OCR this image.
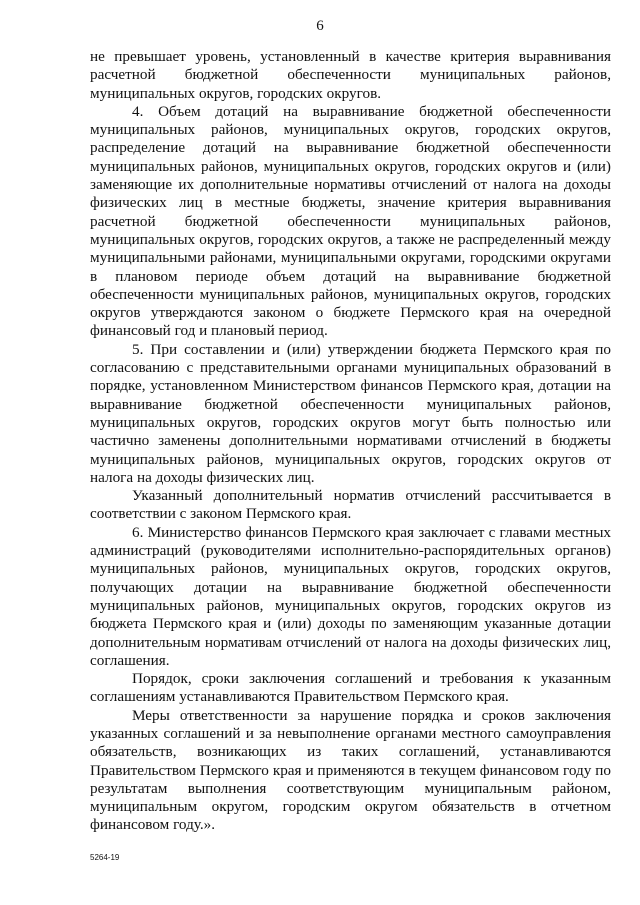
6

не превышает уровень, установленный в качестве критерия выравнивания расчетной бюджетной обеспеченности муниципальных районов, муниципальных округов, городских округов.

4. Объем дотаций на выравнивание бюджетной обеспеченности муниципальных районов, муниципальных округов, городских округов, распределение дотаций на выравнивание бюджетной обеспеченности муниципальных районов, муниципальных округов, городских округов и (или) заменяющие их дополнительные нормативы отчислений от налога на доходы физических лиц в местные бюджеты, значение критерия выравнивания расчетной бюджетной обеспеченности муниципальных районов, муниципальных округов, городских округов, а также не распределенный между муниципальными районами, муниципальными округами, городскими округами в плановом периоде объем дотаций на выравнивание бюджетной обеспеченности муниципальных районов, муниципальных округов, городских округов утверждаются законом о бюджете Пермского края на очередной финансовый год и плановый период.

5. При составлении и (или) утверждении бюджета Пермского края по согласованию с представительными органами муниципальных образований в порядке, установленном Министерством финансов Пермского края, дотации на выравнивание бюджетной обеспеченности муниципальных районов, муниципальных округов, городских округов могут быть полностью или частично заменены дополнительными нормативами отчислений в бюджеты муниципальных районов, муниципальных округов, городских округов от налога на доходы физических лиц.

Указанный дополнительный норматив отчислений рассчитывается в соответствии с законом Пермского края.

6. Министерство финансов Пермского края заключает с главами местных администраций (руководителями исполнительно-распорядительных органов) муниципальных районов, муниципальных округов, городских округов, получающих дотации на выравнивание бюджетной обеспеченности муниципальных районов, муниципальных округов, городских округов из бюджета Пермского края и (или) доходы по заменяющим указанные дотации дополнительным нормативам отчислений от налога на доходы физических лиц, соглашения.

Порядок, сроки заключения соглашений и требования к указанным соглашениям устанавливаются Правительством Пермского края.

Меры ответственности за нарушение порядка и сроков заключения указанных соглашений и за невыполнение органами местного самоуправления обязательств, возникающих из таких соглашений, устанавливаются Правительством Пермского края и применяются в текущем финансовом году по результатам выполнения соответствующим муниципальным районом, муниципальным округом, городским округом обязательств в отчетном финансовом году.».

5264-19
